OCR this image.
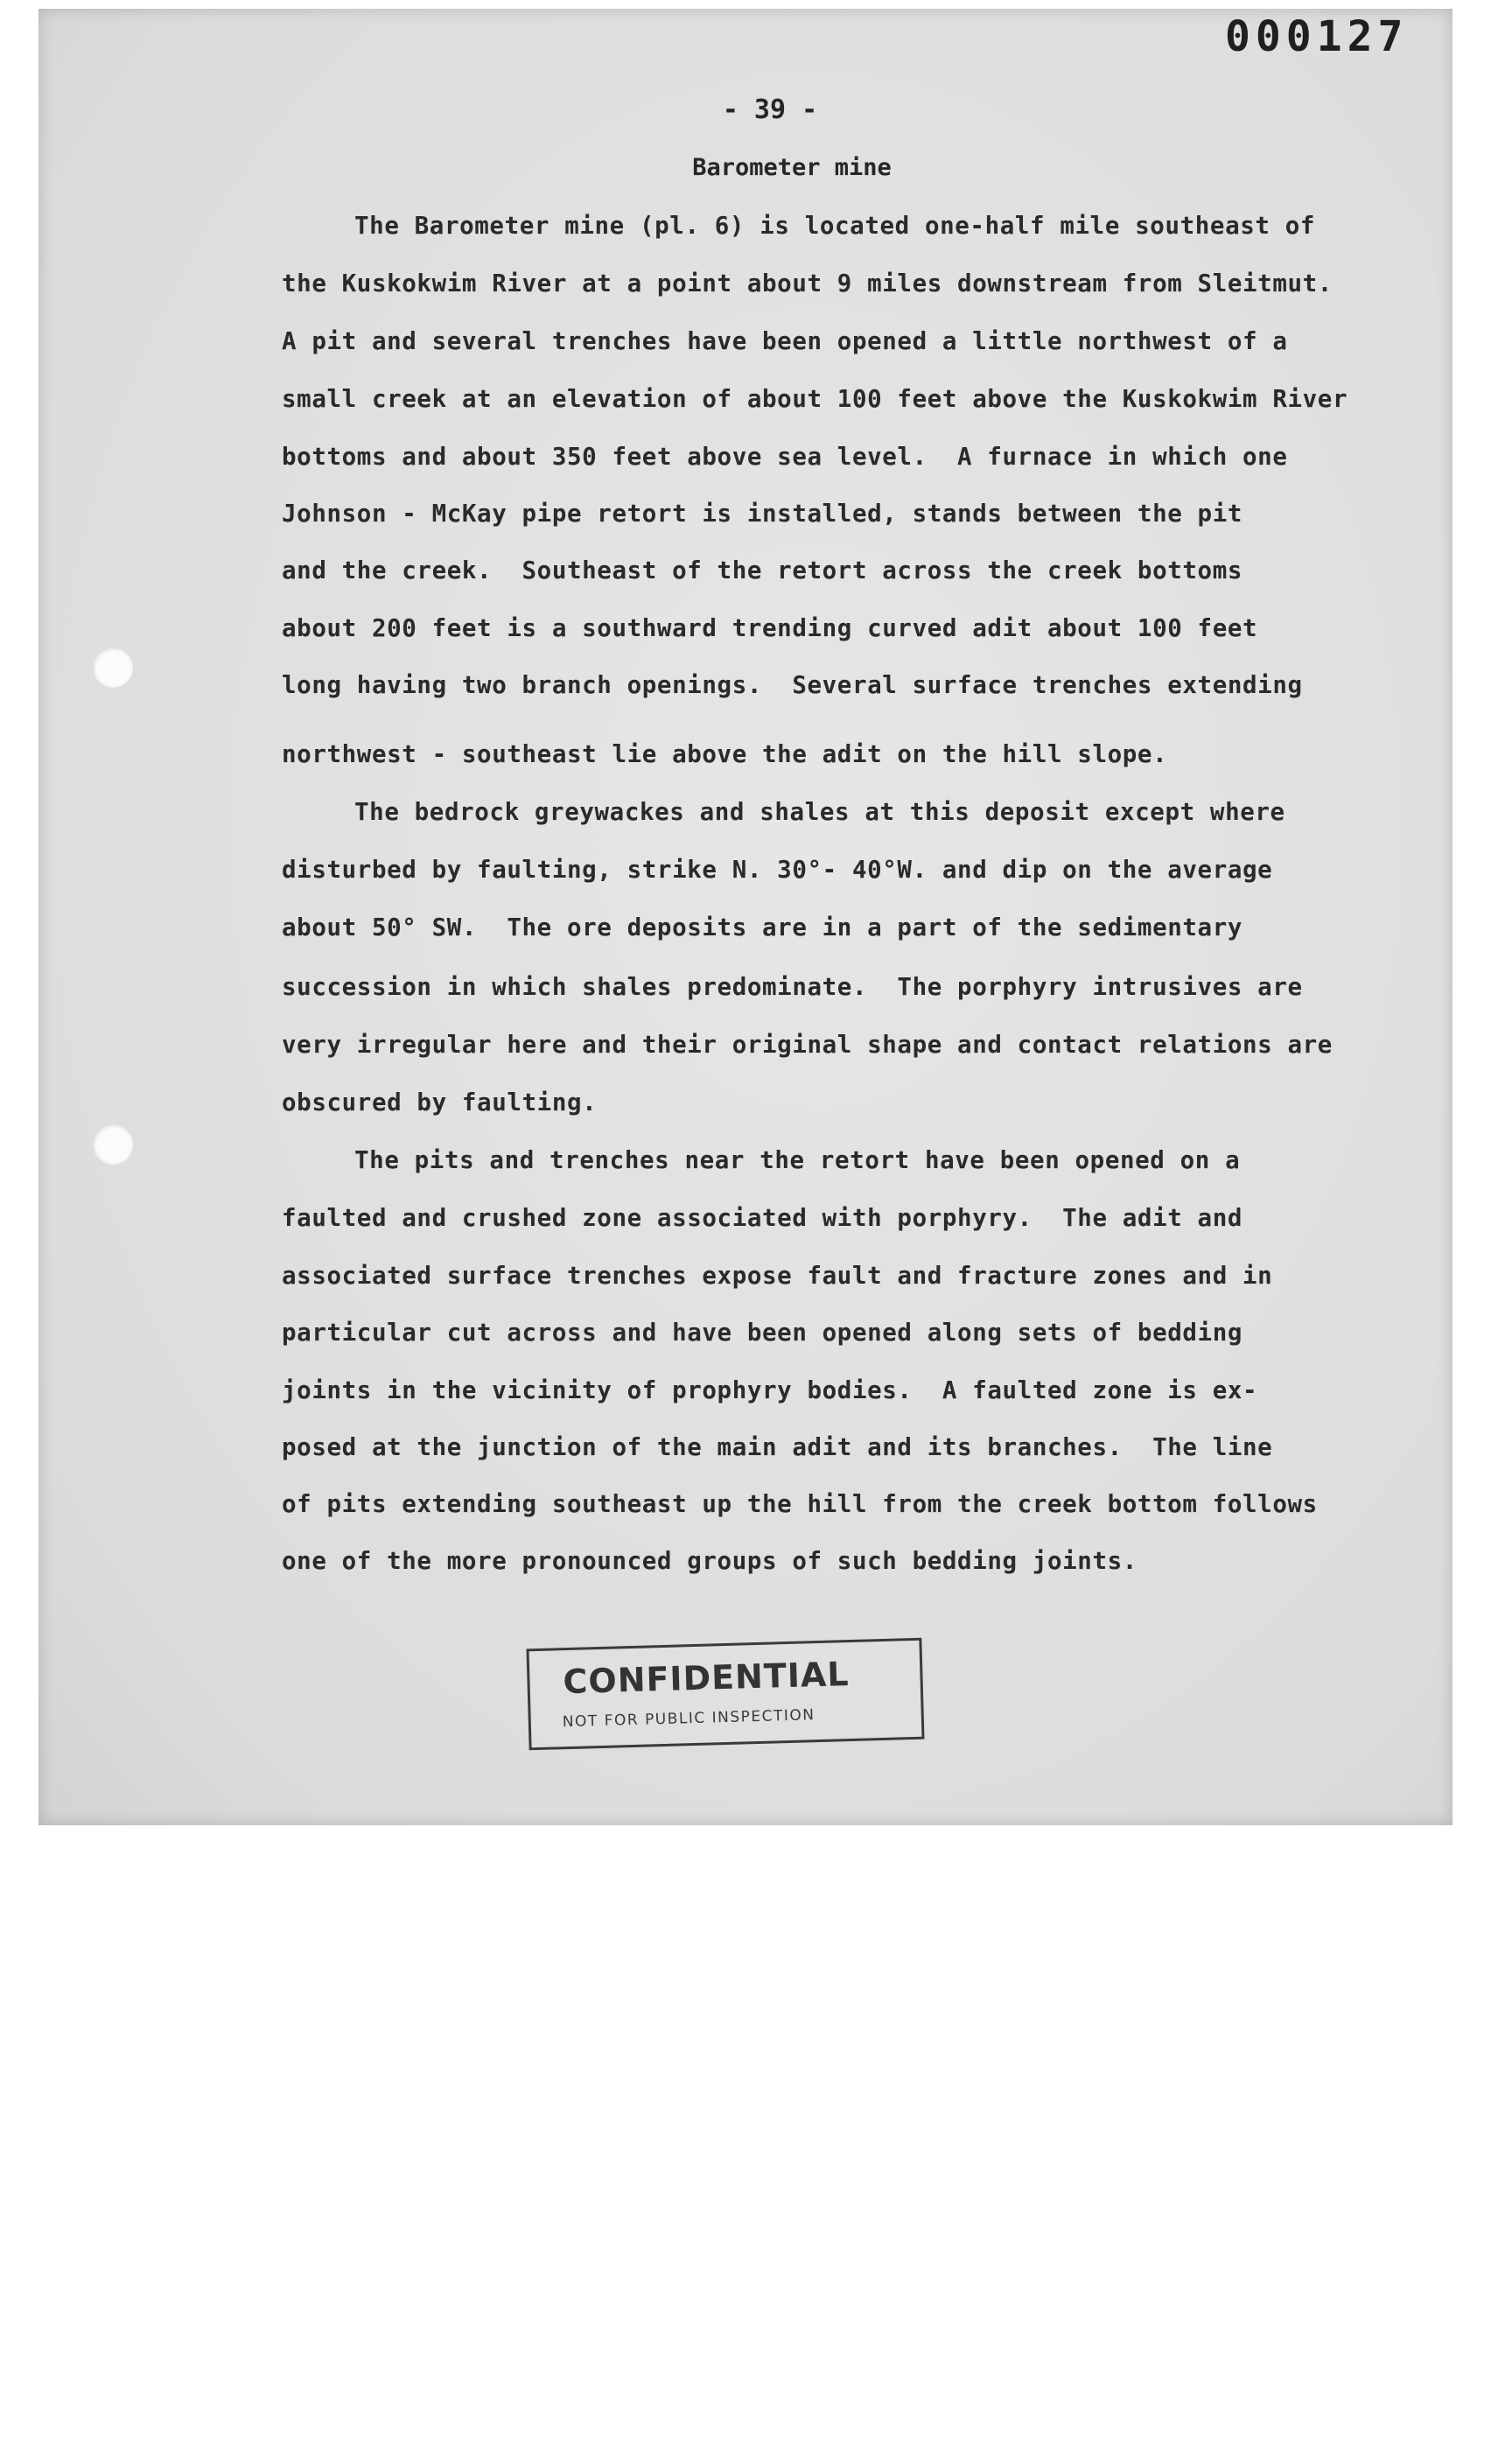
000127
- 39 -
Barometer mine
The Barometer mine (pl. 6) is located one-half mile southeast of
the Kuskokwim River at a point about 9 miles downstream from Sleitmut.
A pit and several trenches have been opened a little northwest of a
small creek at an elevation of about 100 feet above the Kuskokwim River
bottoms and about 350 feet above sea level.  A furnace in which one
Johnson - McKay pipe retort is installed, stands between the pit
and the creek.  Southeast of the retort across the creek bottoms
about 200 feet is a southward trending curved adit about 100 feet
long having two branch openings.  Several surface trenches extending
northwest - southeast lie above the adit on the hill slope.
The bedrock greywackes and shales at this deposit except where
disturbed by faulting, strike N. 30°- 40°W. and dip on the average
about 50° SW.  The ore deposits are in a part of the sedimentary
succession in which shales predominate.  The porphyry intrusives are
very irregular here and their original shape and contact relations are
obscured by faulting.
The pits and trenches near the retort have been opened on a
faulted and crushed zone associated with porphyry.  The adit and
associated surface trenches expose fault and fracture zones and in
particular cut across and have been opened along sets of bedding
joints in the vicinity of prophyry bodies.  A faulted zone is ex-
posed at the junction of the main adit and its branches.  The line
of pits extending southeast up the hill from the creek bottom follows
one of the more pronounced groups of such bedding joints.
CONFIDENTIAL
NOT FOR PUBLIC INSPECTION
